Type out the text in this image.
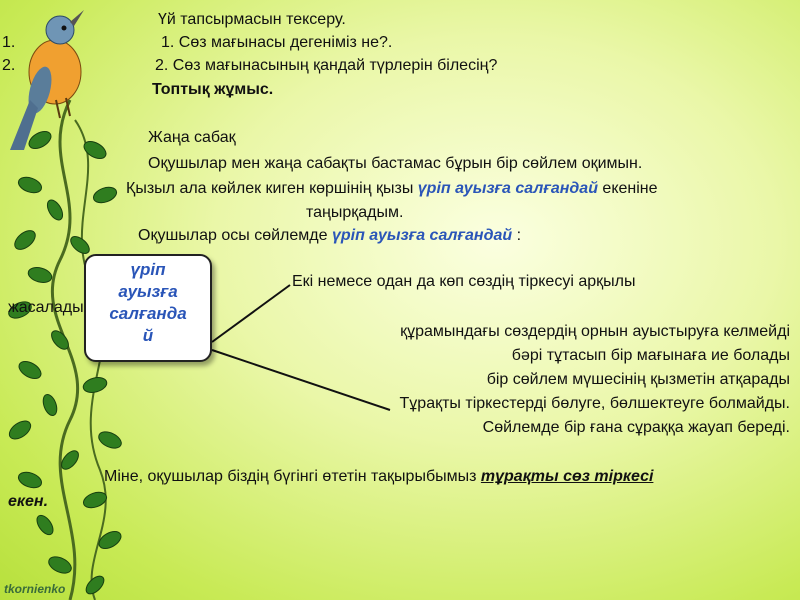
Үй тапсырмасын тексеру.
1.
2.
1. Сөз мағынасы дегеніміз не?.
2. Сөз мағынасының қандай түрлерін білесің?
Топтық жұмыс.
Жаңа сабақ
Оқушылар мен жаңа сабақты бастамас бұрын бір сөйлем оқимын.
Қызыл ала көйлек киген көршінің қызы үріп ауызға салғандай екеніне
таңырқадым.
Оқушылар осы сөйлемде үріп ауызға салғандай :
Екі немесе одан да көп сөздің тіркесуі арқылы
жасалады
құрамындағы сөздердің орнын ауыстыруға келмейді
бәрі тұтасып бір мағынаға ие болады
бір сөйлем мүшесінің қызметін атқарады
Тұрақты тіркестерді бөлуге, бөлшектеуге болмайды.
Сөйлемде бір ғана сұраққа жауап береді.
үріп
ауызға
салғанда
й
Міне, оқушылар біздің бүгінгі өтетін тақырыбымыз тұрақты сөз тіркесі
екен.
tkornienko
